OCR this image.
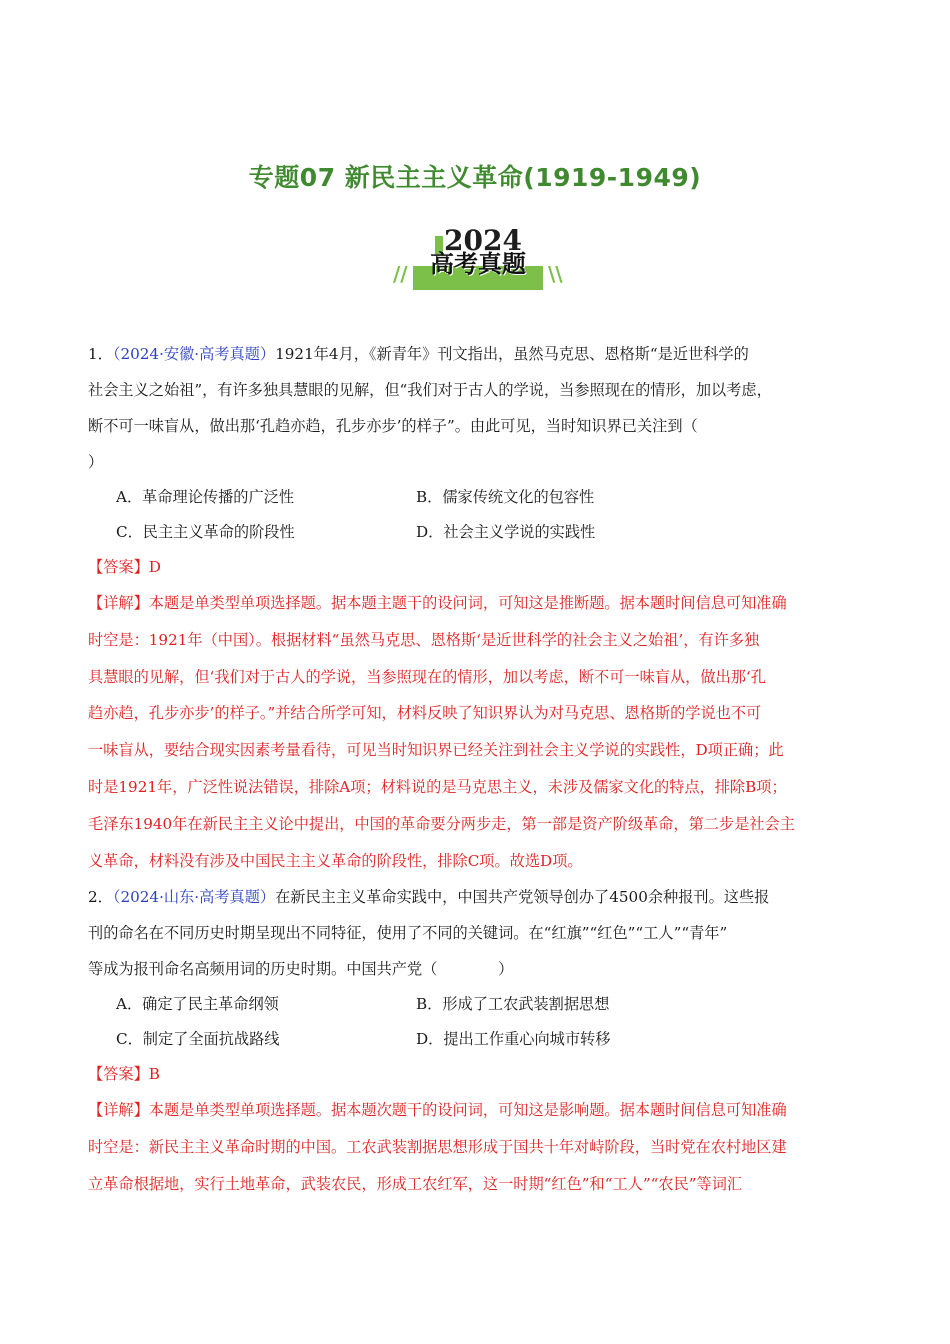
专题07 新民主主义革命(1919-1949)
2024
// 高考真题	\\

1．（2024·安徽·高考真题）1921年4月，《新青年》刊文指出，虽然马克思、恩格斯“是近世科学的
社会主义之始祖”，有许多独具慧眼的见解，但“我们对于古人的学说，当参照现在的情形，加以考虑，
断不可一味盲从，做出那‘孔趋亦趋，孔步亦步’的样子”。由此可见，当时知识界已关注到（
）

A．革命理论传播的广泛性	B．儒家传统文化的包容性
C．民主主义革命的阶段性	D．社会主义学说的实践性
【答案】D

【详解】本题是单类型单项选择题。据本题主题干的设问词，可知这是推断题。据本题时间信息可知准确
时空是：1921年（中国）。根据材料“虽然马克思、恩格斯‘是近世科学的社会主义之始祖’，有许多独
具慧眼的见解，但‘我们对于古人的学说，当参照现在的情形，加以考虑，断不可一味盲从，做出那‘孔
趋亦趋，孔步亦步’的样子。”并结合所学可知，材料反映了知识界认为对马克思、恩格斯的学说也不可
一味盲从，要结合现实因素考量看待，可见当时知识界已经关注到社会主义学说的实践性，D项正确；此
时是1921年，广泛性说法错误，排除A项；材料说的是马克思主义，未涉及儒家文化的特点，排除B项；
毛泽东1940年在新民主主义论中提出，中国的革命要分两步走，第一部是资产阶级革命，第二步是社会主
义革命，材料没有涉及中国民主主义革命的阶段性，排除C项。故选D项。

2．（2024·山东·高考真题）在新民主主义革命实践中，中国共产党领导创办了4500余种报刊。这些报
刊的命名在不同历史时期呈现出不同特征，使用了不同的关键词。在“红旗”“红色”“工人”“青年”
等成为报刊命名高频用词的历史时期。中国共产党（　　　　）

A．确定了民主革命纲领	B．形成了工农武装割据思想
C．制定了全面抗战路线	D．提出工作重心向城市转移
【答案】B

【详解】本题是单类型单项选择题。据本题次题干的设问词，可知这是影响题。据本题时间信息可知准确
时空是：新民主主义革命时期的中国。工农武装割据思想形成于国共十年对峙阶段，当时党在农村地区建
立革命根据地，实行土地革命，武装农民，形成工农红军，这一时期“红色”和“工人”“农民”等词汇
